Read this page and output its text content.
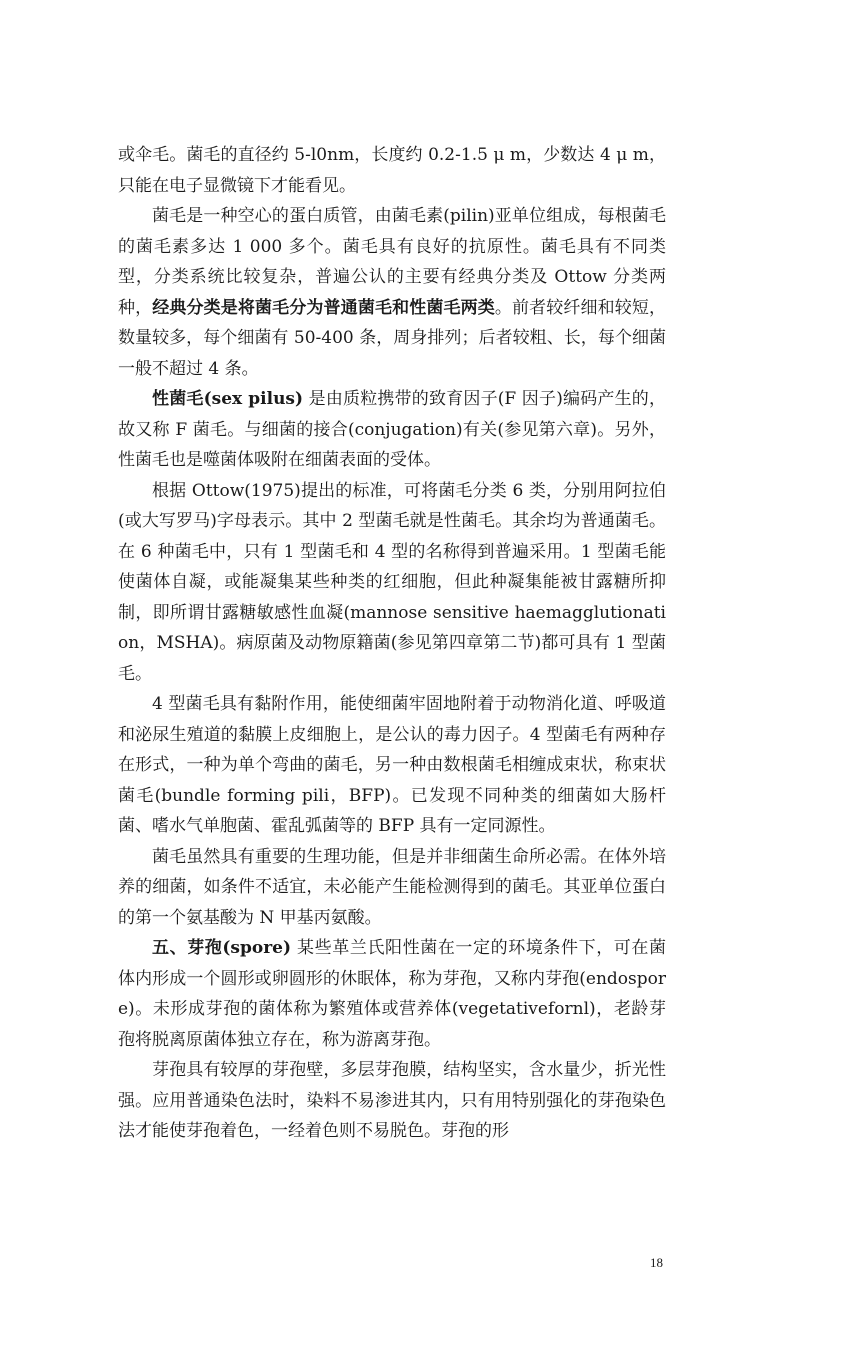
或伞毛。菌毛的直径约 5-l0nm，长度约 0.2-1.5 μ m，少数达 4 μ m，只能在电子显微镜下才能看见。

菌毛是一种空心的蛋白质管，由菌毛素(pilin)亚单位组成，每根菌毛的菌毛素多达 1 000 多个。菌毛具有良好的抗原性。菌毛具有不同类型，分类系统比较复杂，普遍公认的主要有经典分类及 Ottow 分类两种，经典分类是将菌毛分为普通菌毛和性菌毛两类。前者较纤细和较短，数量较多，每个细菌有 50-400 条，周身排列；后者较粗、长，每个细菌一般不超过 4 条。

性菌毛(sex pilus) 是由质粒携带的致育因子(F 因子)编码产生的，故又称 F 菌毛。与细菌的接合(conjugation)有关(参见第六章)。另外，性菌毛也是噬菌体吸附在细菌表面的受体。

根据 Ottow(1975)提出的标准，可将菌毛分类 6 类，分别用阿拉伯(或大写罗马)字母表示。其中 2 型菌毛就是性菌毛。其余均为普通菌毛。在 6 种菌毛中，只有 1 型菌毛和 4 型的名称得到普遍采用。1 型菌毛能使菌体自凝，或能凝集某些种类的红细胞，但此种凝集能被甘露糖所抑制，即所谓甘露糖敏感性血凝(mannose sensitive haemagglutionation，MSHA)。病原菌及动物原籍菌(参见第四章第二节)都可具有 1 型菌毛。

4 型菌毛具有黏附作用，能使细菌牢固地附着于动物消化道、呼吸道和泌尿生殖道的黏膜上皮细胞上，是公认的毒力因子。4 型菌毛有两种存在形式，一种为单个弯曲的菌毛，另一种由数根菌毛相缠成束状，称束状菌毛(bundle forming pili，BFP)。已发现不同种类的细菌如大肠杆菌、嗜水气单胞菌、霍乱弧菌等的 BFP 具有一定同源性。

菌毛虽然具有重要的生理功能，但是并非细菌生命所必需。在体外培养的细菌，如条件不适宜，未必能产生能检测得到的菌毛。其亚单位蛋白的第一个氨基酸为 N 甲基丙氨酸。

五、芽孢(spore) 某些革兰氏阳性菌在一定的环境条件下，可在菌体内形成一个圆形或卵圆形的休眠体，称为芽孢，又称内芽孢(endospore)。未形成芽孢的菌体称为繁殖体或营养体(vegetativefornl)，老龄芽孢将脱离原菌体独立存在，称为游离芽孢。

芽孢具有较厚的芽孢壁，多层芽孢膜，结构坚实，含水量少，折光性强。应用普通染色法时，染料不易渗进其内，只有用特别强化的芽孢染色法才能使芽孢着色，一经着色则不易脱色。芽孢的形

18
